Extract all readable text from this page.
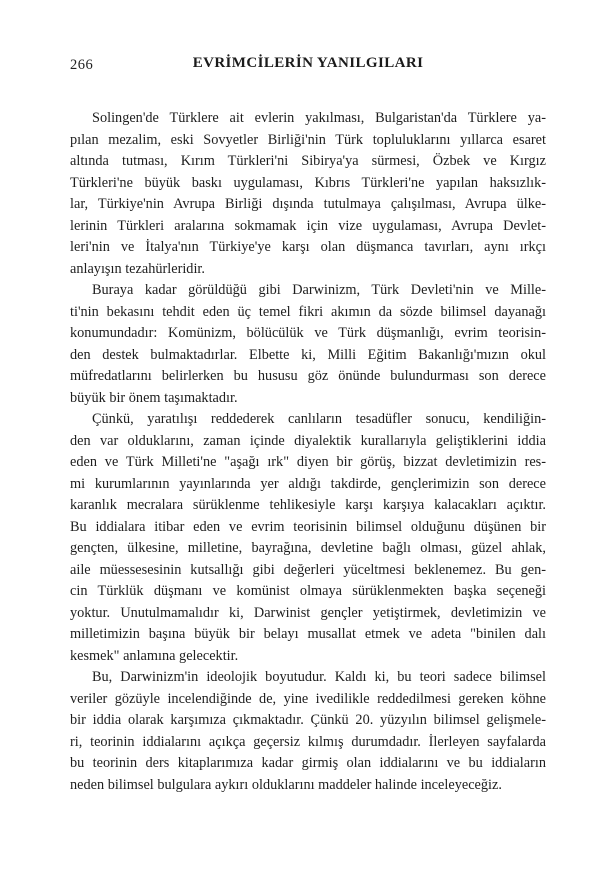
266	EVRİMCİLERİN YANILGILARI
Solingen'de Türklere ait evlerin yakılması, Bulgaristan'da Türklere ya-
pılan mezalim, eski Sovyetler Birliği'nin Türk topluluklarını yıllarca esaret
altında tutması, Kırım Türkleri'ni Sibirya'ya sürmesi, Özbek ve Kırgız
Türkleri'ne büyük baskı uygulaması, Kıbrıs Türkleri'ne yapılan haksızlık-
lar, Türkiye'nin Avrupa Birliği dışında tutulmaya çalışılması, Avrupa ülke-
lerinin Türkleri aralarına sokmamak için vize uygulaması, Avrupa Devlet-
leri'nin ve İtalya'nın Türkiye'ye karşı olan düşmanca tavırları, aynı ırkçı
anlayışın tezahürleridir.
Buraya kadar görüldüğü gibi Darwinizm, Türk Devleti'nin ve Mille-
ti'nin bekasını tehdit eden üç temel fikri akımın da sözde bilimsel dayanağı
konumundadır: Komünizm, bölücülük ve Türk düşmanlığı, evrim teorisin-
den destek bulmaktadırlar. Elbette ki, Milli Eğitim Bakanlığı'mızın okul
müfredatlarını belirlerken bu hususu göz önünde bulundurması son derece
büyük bir önem taşımaktadır.
Çünkü, yaratılışı reddederek canlıların tesadüfler sonucu, kendiliğin-
den var olduklarını, zaman içinde diyalektik kurallarıyla geliştiklerini iddia
eden ve Türk Milleti'ne "aşağı ırk" diyen bir görüş, bizzat devletimizin res-
mi kurumlarının yayınlarında yer aldığı takdirde, gençlerimizin son derece
karanlık mecralara sürüklenme tehlikesiyle karşı karşıya kalacakları açıktır.
Bu iddialara itibar eden ve evrim teorisinin bilimsel olduğunu düşünen bir
gençten, ülkesine, milletine, bayrağına, devletine bağlı olması, güzel ahlak,
aile müessesesinin kutsallığı gibi değerleri yüceltmesi beklenemez. Bu gen-
cin Türklük düşmanı ve komünist olmaya sürüklenmekten başka seçeneği
yoktur. Unutulmamalıdır ki, Darwinist gençler yetiştirmek, devletimizin ve
milletimizin başına büyük bir belayı musallat etmek ve adeta "binilen dalı
kesmek" anlamına gelecektir.
Bu, Darwinizm'in ideolojik boyutudur. Kaldı ki, bu teori sadece bilimsel
veriler gözüyle incelendiğinde de, yine ivedilikle reddedilmesi gereken köhne
bir iddia olarak karşımıza çıkmaktadır. Çünkü 20. yüzyılın bilimsel gelişmele-
ri, teorinin iddialarını açıkça geçersiz kılmış durumdadır. İlerleyen sayfalarda
bu teorinin ders kitaplarımıza kadar girmiş olan iddialarını ve bu iddiaların
neden bilimsel bulgulara aykırı olduklarını maddeler halinde inceleyeceğiz.
